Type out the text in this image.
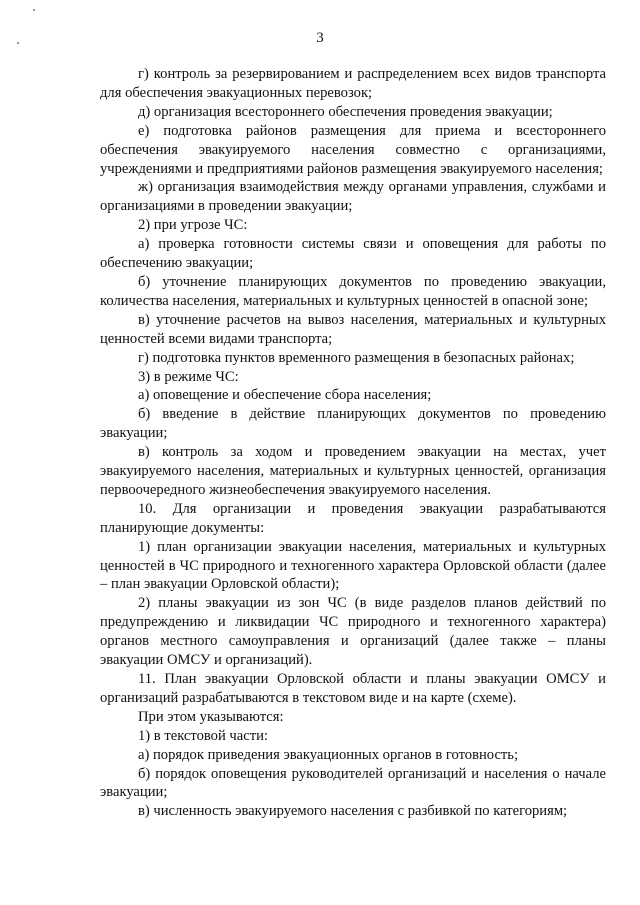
3

г) контроль за резервированием и распределением всех видов транспорта для обеспечения эвакуационных перевозок;

д) организация всестороннего обеспечения проведения эвакуации;

е) подготовка районов размещения для приема и всестороннего обеспечения эвакуируемого населения совместно с организациями, учреждениями и предприятиями районов размещения эвакуируемого населения;

ж) организация взаимодействия между органами управления, службами и организациями в проведении эвакуации;

2) при угрозе ЧС:

а) проверка готовности системы связи и оповещения для работы по обеспечению эвакуации;

б) уточнение планирующих документов по проведению эвакуации, количества населения, материальных и культурных ценностей в опасной зоне;

в) уточнение расчетов на вывоз населения, материальных и культурных ценностей всеми видами транспорта;

г) подготовка пунктов временного размещения в безопасных районах;

3) в режиме ЧС:

а) оповещение и обеспечение сбора населения;

б) введение в действие планирующих документов по проведению эвакуации;

в) контроль за ходом и проведением эвакуации на местах, учет эвакуируемого населения, материальных и культурных ценностей, организация первоочередного жизнеобеспечения эвакуируемого населения.

10. Для организации и проведения эвакуации разрабатываются планирующие документы:

1) план организации эвакуации населения, материальных и культурных ценностей в ЧС природного и техногенного характера Орловской области (далее – план эвакуации Орловской области);

2) планы эвакуации из зон ЧС (в виде разделов планов действий по предупреждению и ликвидации ЧС природного и техногенного характера) органов местного самоуправления и организаций (далее также – планы эвакуации ОМСУ и организаций).

11. План эвакуации Орловской области и планы эвакуации ОМСУ и организаций разрабатываются в текстовом виде и на карте (схеме).

При этом указываются:

1) в текстовой части:

а) порядок приведения эвакуационных органов в готовность;

б) порядок оповещения руководителей организаций и населения о начале эвакуации;

в) численность эвакуируемого населения с разбивкой по категориям;
